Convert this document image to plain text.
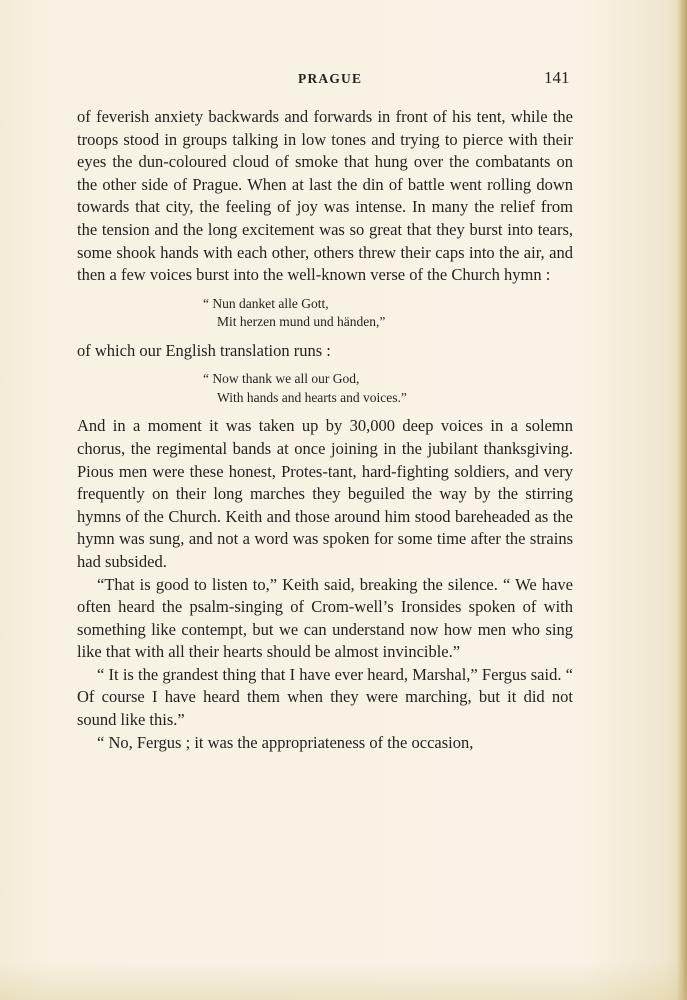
PRAGUE	141

of feverish anxiety backwards and forwards in front of his tent, while the troops stood in groups talking in low tones and trying to pierce with their eyes the dun-coloured cloud of smoke that hung over the combatants on the other side of Prague. When at last the din of battle went rolling down towards that city, the feeling of joy was intense. In many the relief from the tension and the long excitement was so great that they burst into tears, some shook hands with each other, others threw their caps into the air, and then a few voices burst into the well-known verse of the Church hymn :

“ Nun danket alle Gott,
Mit herzen mund und händen,”

of which our English translation runs :

“ Now thank we all our God,
With hands and hearts and voices.”

And in a moment it was taken up by 30,000 deep voices in a solemn chorus, the regimental bands at once joining in the jubilant thanksgiving. Pious men were these honest, Protes-tant, hard-fighting soldiers, and very frequently on their long marches they beguiled the way by the stirring hymns of the Church. Keith and those around him stood bareheaded as the hymn was sung, and not a word was spoken for some time after the strains had subsided.

“That is good to listen to,” Keith said, breaking the silence. “ We have often heard the psalm-singing of Crom-well’s Ironsides spoken of with something like contempt, but we can understand now how men who sing like that with all their hearts should be almost invincible.”

“ It is the grandest thing that I have ever heard, Marshal,” Fergus said. “ Of course I have heard them when they were marching, but it did not sound like this.”

“ No, Fergus ; it was the appropriateness of the occasion,
